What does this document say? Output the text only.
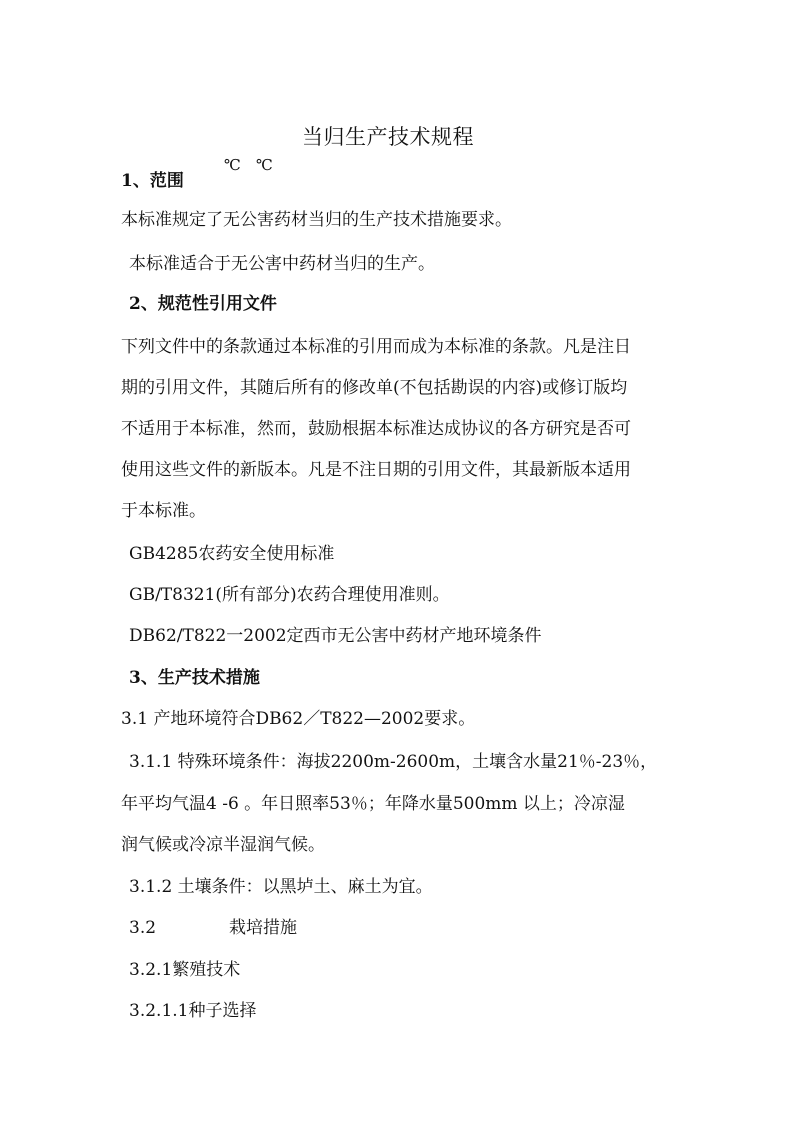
当归生产技术规程
℃ ℃
1、范围
本标准规定了无公害药材当归的生产技术措施要求。
本标准适合于无公害中药材当归的生产。
2、规范性引用文件
下列文件中的条款通过本标准的引用而成为本标准的条款。凡是注日
期的引用文件，其随后所有的修改单(不包括勘误的内容)或修订版均
不适用于本标准，然而，鼓励根据本标准达成协议的各方研究是否可
使用这些文件的新版本。凡是不注日期的引用文件，其最新版本适用
于本标准。
GB4285农药安全使用标准
GB/T8321(所有部分)农药合理使用准则。
DB62/T822一2002定西市无公害中药材产地环境条件
3、生产技术措施
3.1 产地环境符合DB62／T822—2002要求。
3.1.1 特殊环境条件：海拔2200m-2600m，土壤含水量21％-23％，
年平均气温4 -6 。年日照率53％；年降水量500mm 以上；冷凉湿
润气候或冷凉半湿润气候。
3.1.2 土壤条件：以黑垆土、麻土为宜。
3.2	栽培措施
3.2.1繁殖技术
3.2.1.1种子选择
